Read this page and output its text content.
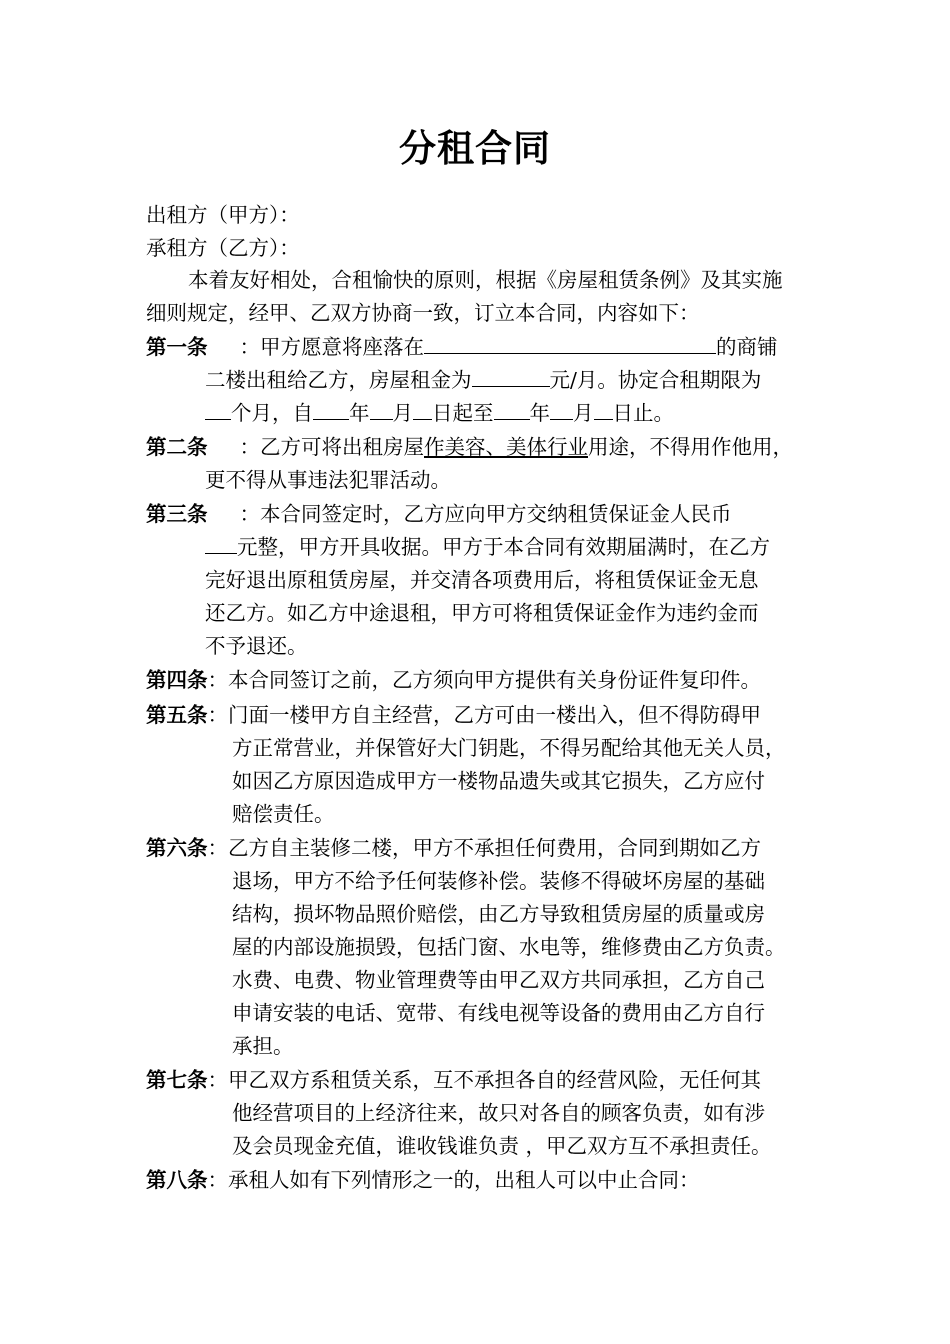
分租合同
出租方（甲方）：
承租方（乙方）：
本着友好相处，合租愉快的原则，根据《房屋租赁条例》及其实施
细则规定，经甲、乙双方协商一致，订立本合同，内容如下：
第一条 ：甲方愿意将座落在	的商铺
二楼出租给乙方，房屋租金为	元/月。协定合租期限为
个月，自 年 月 日起至 年 月 日止。
第二条 ：乙方可将出租房屋作美容、美体行业用途，不得用作他用，
更不得从事违法犯罪活动。
第三条 ：本合同签定时，乙方应向甲方交纳租赁保证金人民币
元整，甲方开具收据。甲方于本合同有效期届满时，在乙方
完好退出原租赁房屋，并交清各项费用后，将租赁保证金无息
还乙方。如乙方中途退租，甲方可将租赁保证金作为违约金而
不予退还。
第四条：本合同签订之前，乙方须向甲方提供有关身份证件复印件。
第五条：门面一楼甲方自主经营，乙方可由一楼出入，但不得防碍甲
方正常营业，并保管好大门钥匙，不得另配给其他无关人员，
如因乙方原因造成甲方一楼物品遗失或其它损失，乙方应付
赔偿责任。
第六条：乙方自主装修二楼，甲方不承担任何费用，合同到期如乙方
退场，甲方不给予任何装修补偿。装修不得破坏房屋的基础
结构，损坏物品照价赔偿，由乙方导致租赁房屋的质量或房
屋的内部设施损毁，包括门窗、水电等，维修费由乙方负责。
水费、电费、物业管理费等由甲乙双方共同承担，乙方自己
申请安装的电话、宽带、有线电视等设备的费用由乙方自行
承担。
第七条：甲乙双方系租赁关系，互不承担各自的经营风险，无任何其
他经营项目的上经济往来，故只对各自的顾客负责，如有涉
及会员现金充值，谁收钱谁负责 ，甲乙双方互不承担责任。
第八条：承租人如有下列情形之一的，出租人可以中止合同：
